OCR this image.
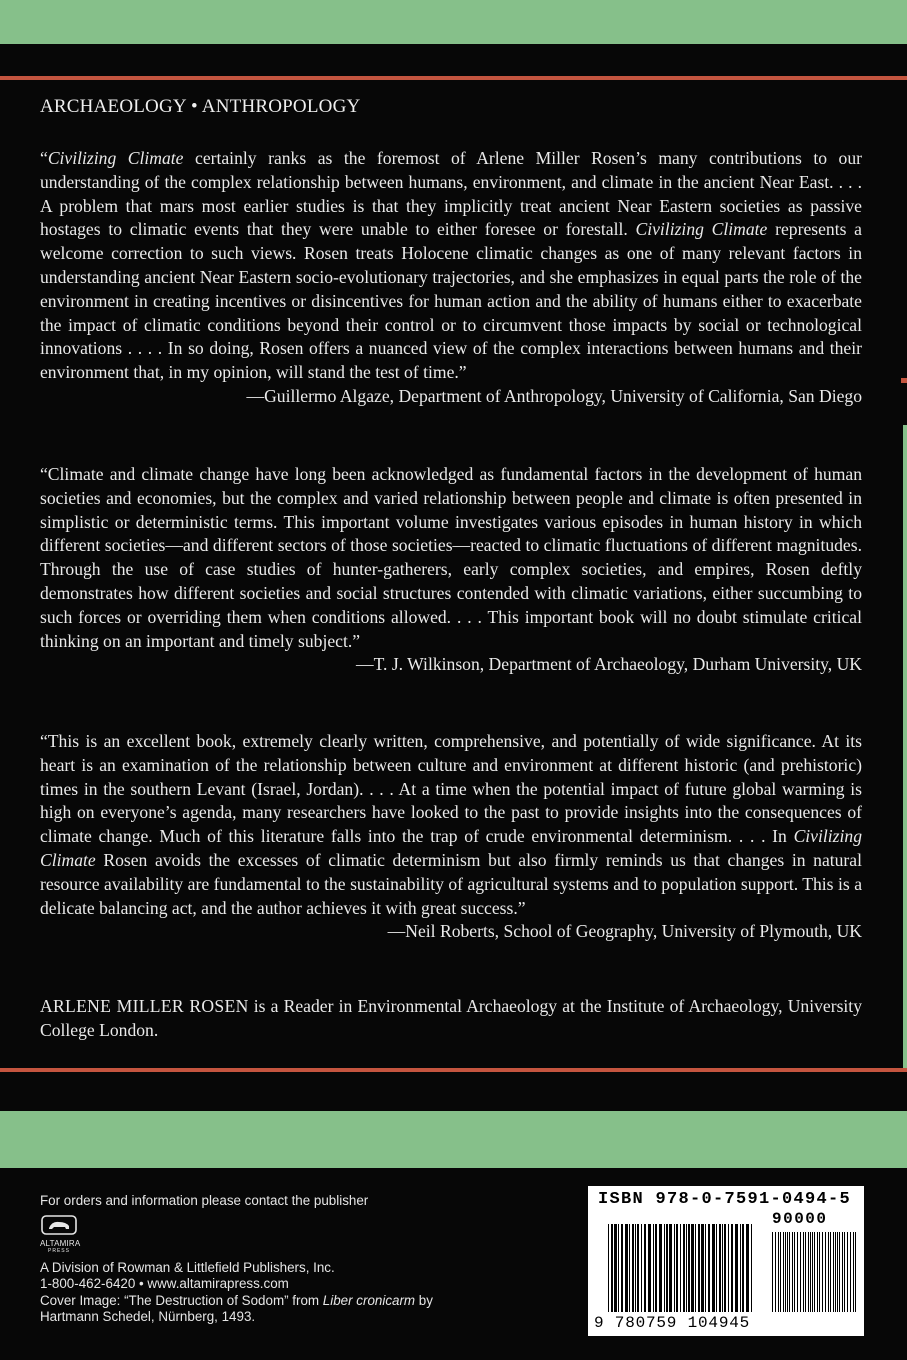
ARCHAEOLOGY • ANTHROPOLOGY

“Civilizing Climate certainly ranks as the foremost of Arlene Miller Rosen’s many contributions to our understanding of the complex relationship between humans, environment, and climate in the ancient Near East. . . . A problem that mars most earlier studies is that they implicitly treat ancient Near Eastern societies as passive hostages to climatic events that they were unable to either foresee or forestall. Civilizing Climate represents a welcome correction to such views. Rosen treats Holocene climatic changes as one of many relevant factors in understanding ancient Near Eastern socio-evolutionary trajectories, and she emphasizes in equal parts the role of the environment in creating incentives or disincentives for human action and the ability of humans either to exacerbate the impact of climatic conditions beyond their control or to circumvent those impacts by social or technological innovations . . . . In so doing, Rosen offers a nuanced view of the complex interactions between humans and their environment that, in my opinion, will stand the test of time.”

—Guillermo Algaze, Department of Anthropology, University of California, San Diego

“Climate and climate change have long been acknowledged as fundamental factors in the development of human societies and economies, but the complex and varied relationship between people and climate is often presented in simplistic or deterministic terms. This important volume investigates various episodes in human history in which different societies—and different sectors of those societies—reacted to climatic fluctuations of different magnitudes. Through the use of case studies of hunter-gatherers, early complex societies, and empires, Rosen deftly demonstrates how different societies and social structures contended with climatic variations, either succumbing to such forces or overriding them when conditions allowed. . . . This important book will no doubt stimulate critical thinking on an important and timely subject.”

—T. J. Wilkinson, Department of Archaeology, Durham University, UK

“This is an excellent book, extremely clearly written, comprehensive, and potentially of wide significance. At its heart is an examination of the relationship between culture and environment at different historic (and prehistoric) times in the southern Levant (Israel, Jordan). . . . At a time when the potential impact of future global warming is high on everyone’s agenda, many researchers have looked to the past to provide insights into the consequences of climate change. Much of this literature falls into the trap of crude environmental determinism. . . . In Civilizing Climate Rosen avoids the excesses of climatic determinism but also firmly reminds us that changes in natural resource availability are fundamental to the sustainability of agricultural systems and to population support. This is a delicate balancing act, and the author achieves it with great success.”

—Neil Roberts, School of Geography, University of Plymouth, UK

ARLENE MILLER ROSEN is a Reader in Environmental Archaeology at the Institute of Archaeology, University College London.
For orders and information please contact the publisher
ALTAMIRA
PRESS
A Division of Rowman & Littlefield Publishers, Inc.
1-800-462-6420 • www.altamirapress.com
Cover Image: “The Destruction of Sodom” from Liber cronicarm by
Hartmann Schedel, Nürnberg, 1493.
ISBN 978-0-7591-0494-5
90000
9 780759 104945
